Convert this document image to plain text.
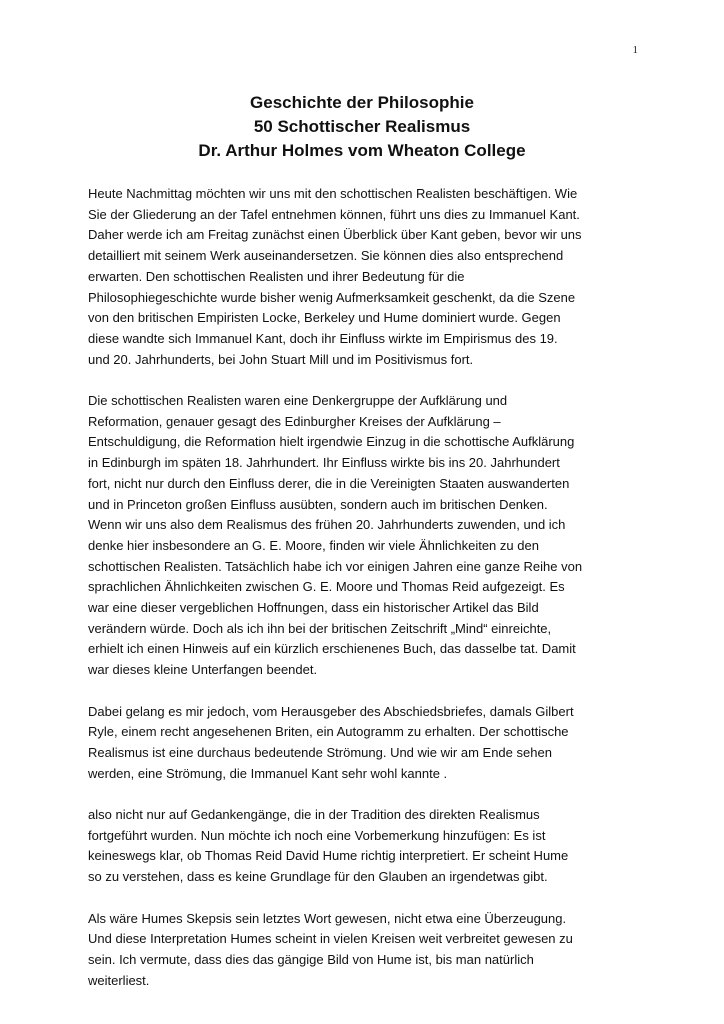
1
Geschichte der Philosophie
50 Schottischer Realismus
Dr. Arthur Holmes vom Wheaton College
Heute Nachmittag möchten wir uns mit den schottischen Realisten beschäftigen. Wie
Sie der Gliederung an der Tafel entnehmen können, führt uns dies zu Immanuel Kant.
Daher werde ich am Freitag zunächst einen Überblick über Kant geben, bevor wir uns
detailliert mit seinem Werk auseinandersetzen. Sie können dies also entsprechend
erwarten. Den schottischen Realisten und ihrer Bedeutung für die
Philosophiegeschichte wurde bisher wenig Aufmerksamkeit geschenkt, da die Szene
von den britischen Empiristen Locke, Berkeley und Hume dominiert wurde. Gegen
diese wandte sich Immanuel Kant, doch ihr Einfluss wirkte im Empirismus des 19.
und 20. Jahrhunderts, bei John Stuart Mill und im Positivismus fort.
Die schottischen Realisten waren eine Denkergruppe der Aufklärung und
Reformation, genauer gesagt des Edinburgher Kreises der Aufklärung –
Entschuldigung, die Reformation hielt irgendwie Einzug in die schottische Aufklärung
in Edinburgh im späten 18. Jahrhundert. Ihr Einfluss wirkte bis ins 20. Jahrhundert
fort, nicht nur durch den Einfluss derer, die in die Vereinigten Staaten auswanderten
und in Princeton großen Einfluss ausübten, sondern auch im britischen Denken.
Wenn wir uns also dem Realismus des frühen 20. Jahrhunderts zuwenden, und ich
denke hier insbesondere an G. E. Moore, finden wir viele Ähnlichkeiten zu den
schottischen Realisten. Tatsächlich habe ich vor einigen Jahren eine ganze Reihe von
sprachlichen Ähnlichkeiten zwischen G. E. Moore und Thomas Reid aufgezeigt. Es
war eine dieser vergeblichen Hoffnungen, dass ein historischer Artikel das Bild
verändern würde. Doch als ich ihn bei der britischen Zeitschrift „Mind“ einreichte,
erhielt ich einen Hinweis auf ein kürzlich erschienenes Buch, das dasselbe tat. Damit
war dieses kleine Unterfangen beendet.
Dabei gelang es mir jedoch, vom Herausgeber des Abschiedsbriefes, damals Gilbert
Ryle, einem recht angesehenen Briten, ein Autogramm zu erhalten. Der schottische
Realismus ist eine durchaus bedeutende Strömung. Und wie wir am Ende sehen
werden, eine Strömung, die Immanuel Kant sehr wohl kannte .
also nicht nur auf Gedankengänge, die in der Tradition des direkten Realismus
fortgeführt wurden. Nun möchte ich noch eine Vorbemerkung hinzufügen: Es ist
keineswegs klar, ob Thomas Reid David Hume richtig interpretiert. Er scheint Hume
so zu verstehen, dass es keine Grundlage für den Glauben an irgendetwas gibt.
Als wäre Humes Skepsis sein letztes Wort gewesen, nicht etwa eine Überzeugung.
Und diese Interpretation Humes scheint in vielen Kreisen weit verbreitet gewesen zu
sein. Ich vermute, dass dies das gängige Bild von Hume ist, bis man natürlich
weiterliest.
